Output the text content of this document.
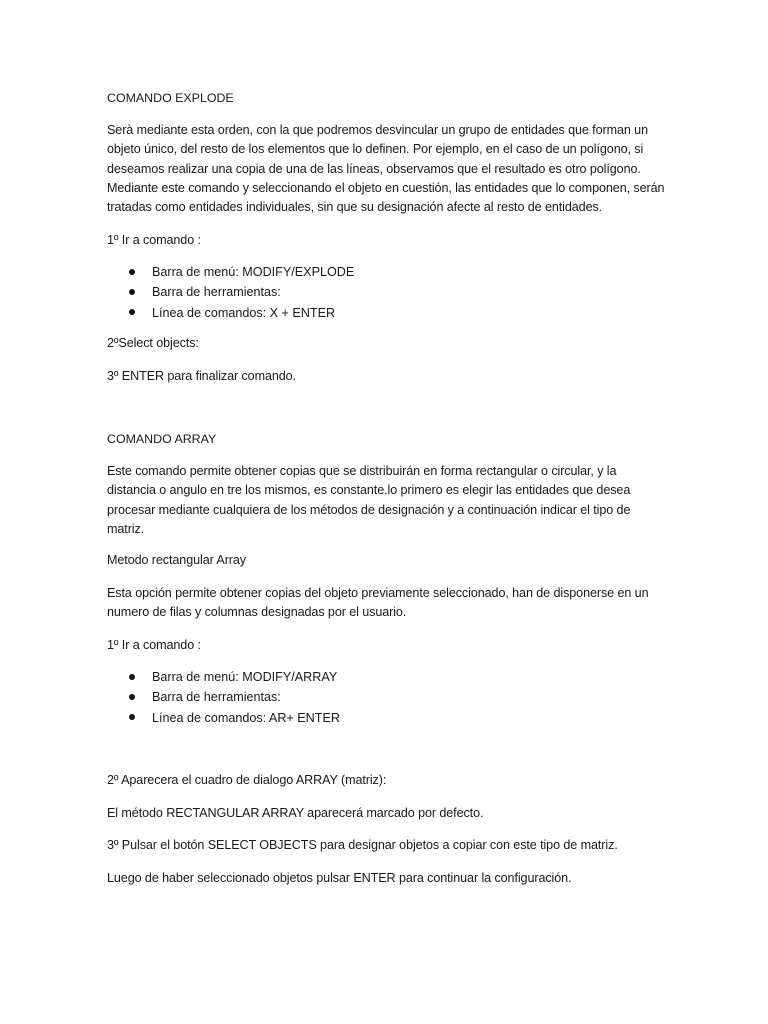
COMANDO EXPLODE
Serà mediante esta orden, con la que podremos desvincular un grupo de entidades que forman un objeto único, del resto de los elementos que lo definen. Por ejemplo, en el caso de un polígono, si deseamos realizar una copia de una de las líneas, observamos que el resultado es otro polígono. Mediante este comando y seleccionando el objeto en cuestión, las entidades que lo componen, serán tratadas como entidades individuales, sin que su designación afecte al resto de entidades.
1º Ir a comando :
Barra de menú: MODIFY/EXPLODE
Barra de herramientas:
Línea de comandos: X + ENTER
2ºSelect objects:
3º ENTER para finalizar comando.
COMANDO ARRAY
Este comando permite obtener copias que se distribuirán en forma rectangular o circular, y la distancia o angulo en tre los mismos, es constante.lo primero es elegir las entidades que desea procesar mediante cualquiera de los métodos de designación y a continuación indicar el tipo de matriz.
Metodo rectangular Array
Esta opción permite obtener copias del objeto previamente seleccionado, han de disponerse en un numero de filas y columnas designadas por el usuario.
1º Ir a comando :
Barra de menú: MODIFY/ARRAY
Barra de herramientas:
Línea de comandos: AR+ ENTER
2º Aparecera el cuadro de dialogo ARRAY (matriz):
El método RECTANGULAR ARRAY aparecerá marcado por defecto.
3º Pulsar el botón SELECT OBJECTS para designar objetos a copiar con este tipo de matriz.
Luego de haber seleccionado objetos pulsar ENTER para continuar la configuración.
